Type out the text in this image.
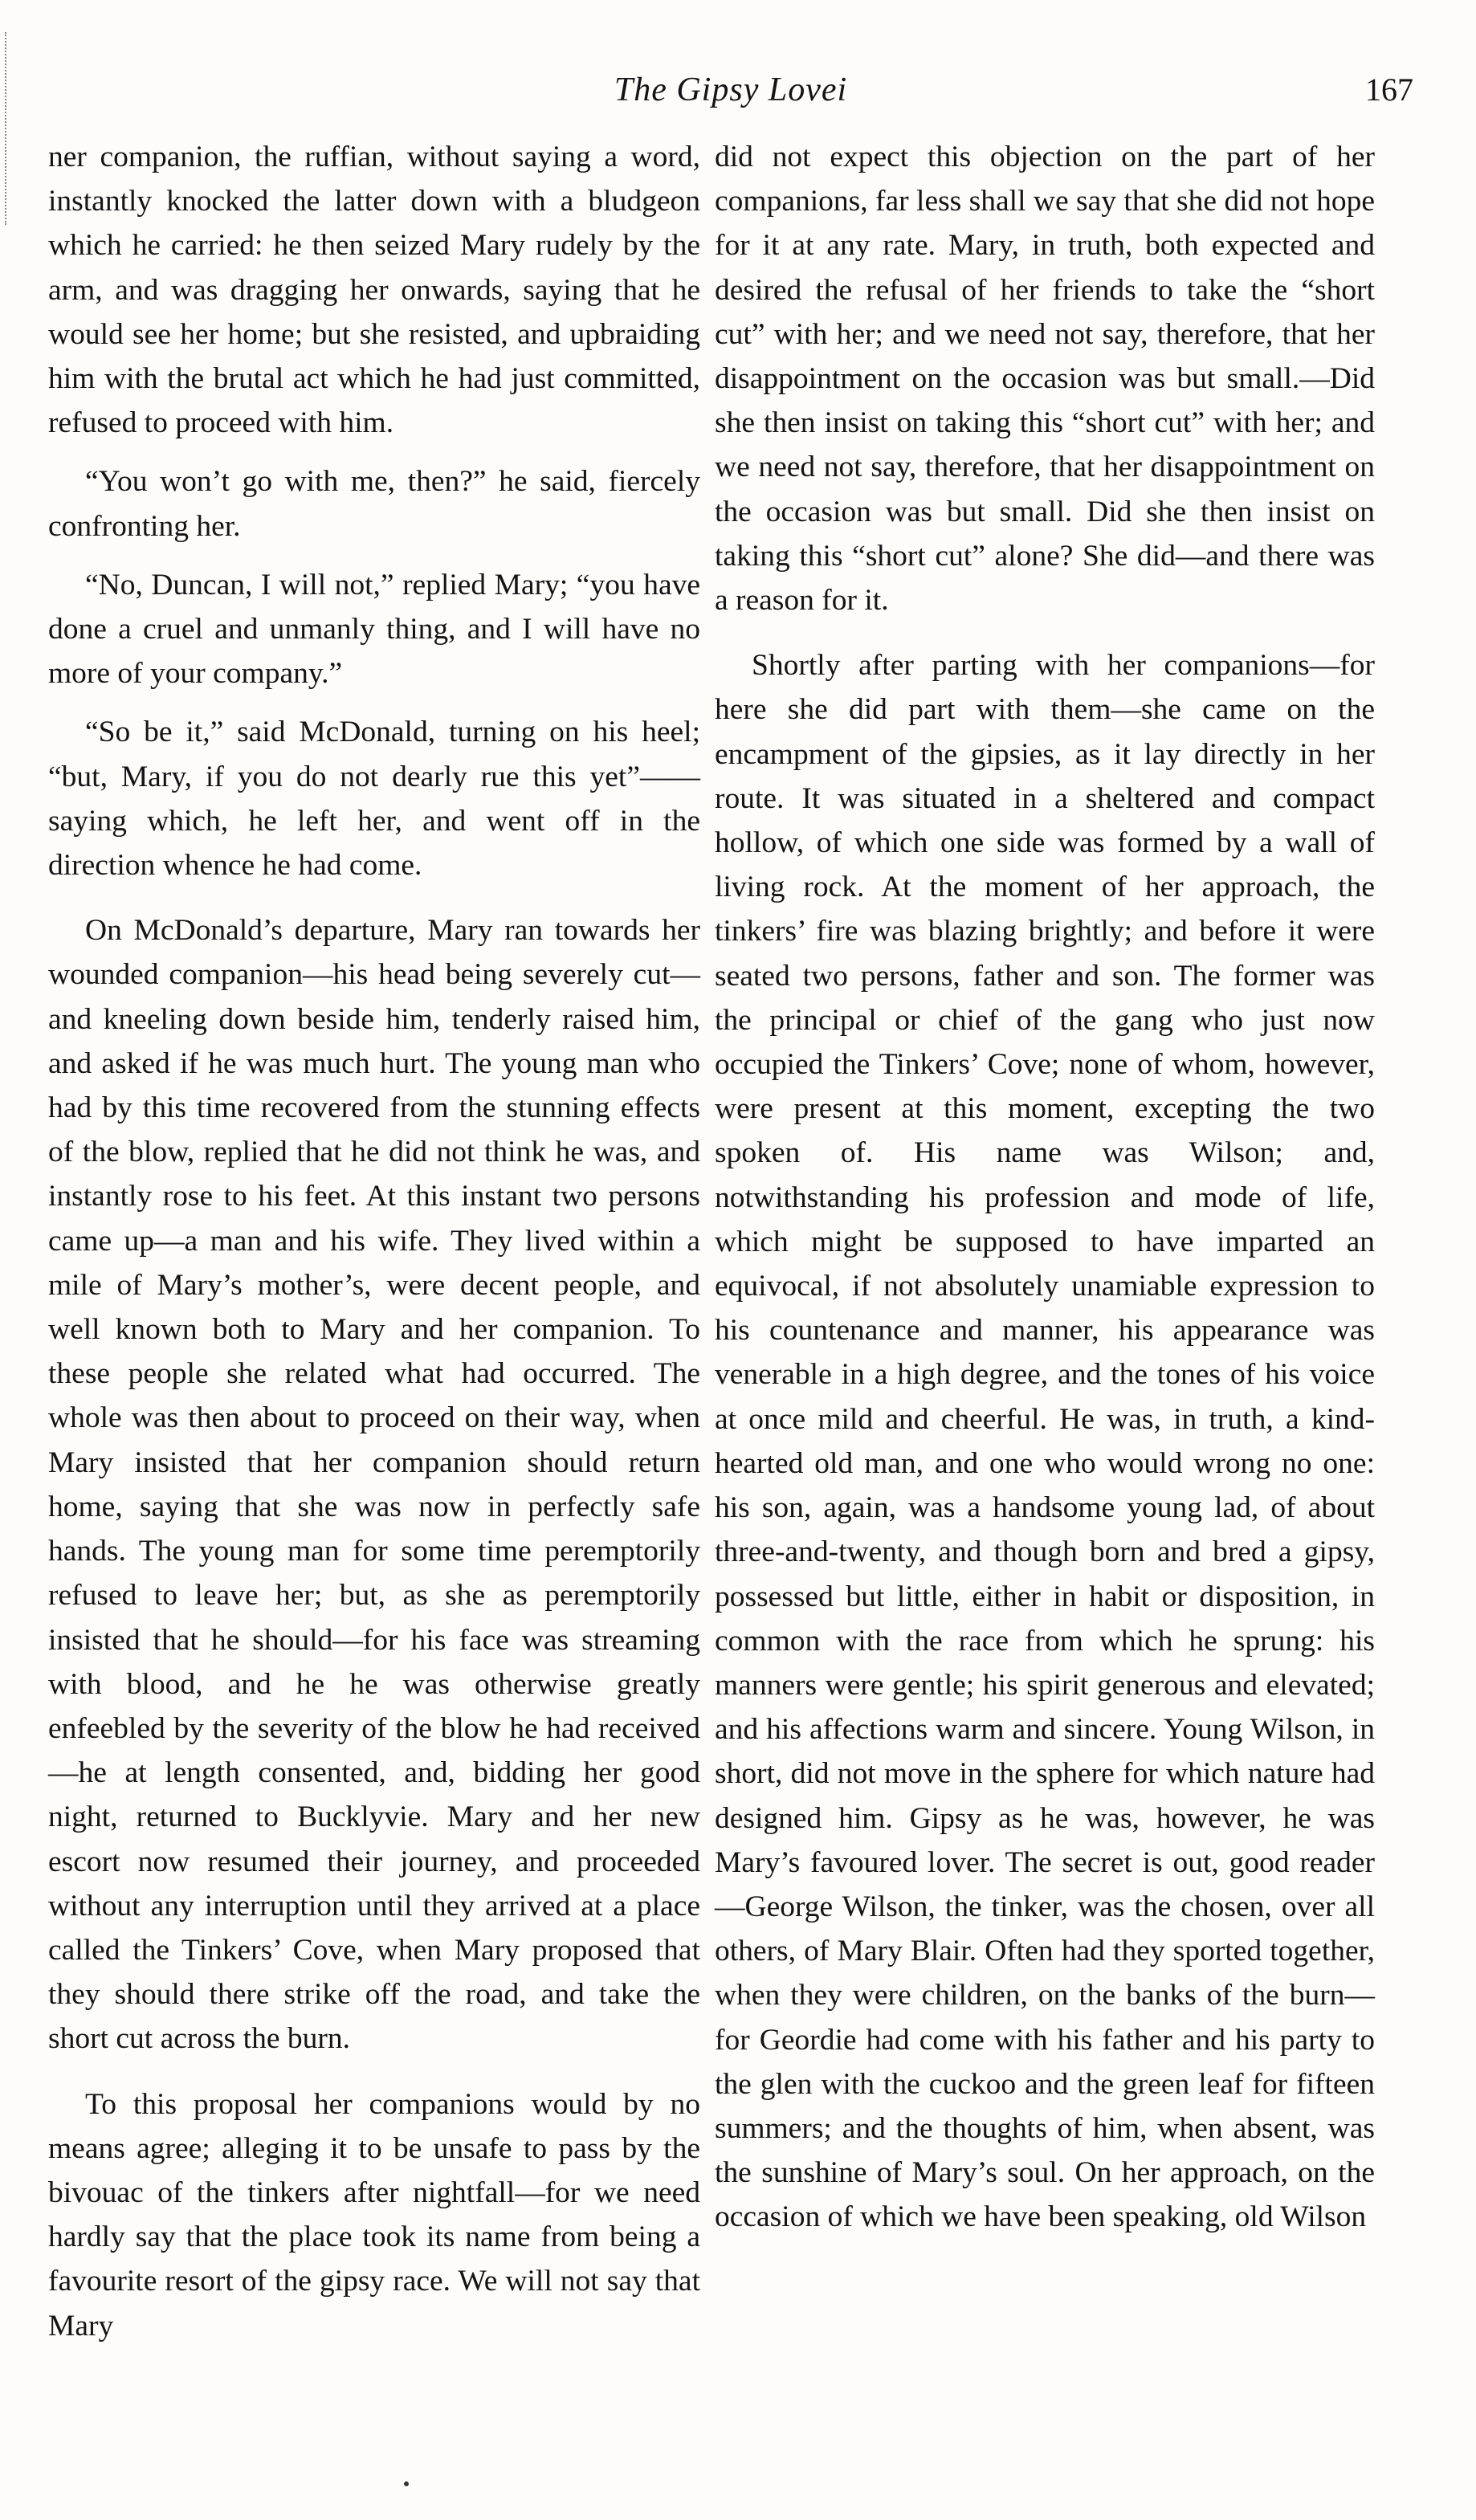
The Gipsy Lovei	167

ner companion, the ruffian, without saying a word, instantly knocked the latter down with a bludgeon which he carried: he then seized Mary rudely by the arm, and was dragging her onwards, saying that he would see her home; but she resisted, and upbraiding him with the brutal act which he had just committed, refused to proceed with him.

“You won’t go with me, then?” he said, fiercely confronting her.

“No, Duncan, I will not,” replied Mary; “you have done a cruel and unmanly thing, and I will have no more of your company.”

“So be it,” said McDonald, turning on his heel; “but, Mary, if you do not dearly rue this yet”——saying which, he left her, and went off in the direction whence he had come.

On McDonald’s departure, Mary ran towards her wounded companion—his head being severely cut—and kneeling down beside him, tenderly raised him, and asked if he was much hurt. The young man who had by this time recovered from the stunning effects of the blow, replied that he did not think he was, and instantly rose to his feet. At this instant two persons came up—a man and his wife. They lived within a mile of Mary’s mother’s, were decent people, and well known both to Mary and her companion. To these people she related what had occurred. The whole was then about to proceed on their way, when Mary insisted that her companion should return home, saying that she was now in perfectly safe hands. The young man for some time peremptorily refused to leave her; but, as she as peremptorily insisted that he should—for his face was streaming with blood, and he he was otherwise greatly enfeebled by the severity of the blow he had received—he at length consented, and, bidding her good night, returned to Bucklyvie. Mary and her new escort now resumed their journey, and proceeded without any interruption until they arrived at a place called the Tinkers’ Cove, when Mary proposed that they should there strike off the road, and take the short cut across the burn.

To this proposal her companions would by no means agree; alleging it to be unsafe to pass by the bivouac of the tinkers after nightfall—for we need hardly say that the place took its name from being a favourite resort of the gipsy race. We will not say that Mary

did not expect this objection on the part of her companions, far less shall we say that she did not hope for it at any rate. Mary, in truth, both expected and desired the refusal of her friends to take the “short cut” with her; and we need not say, therefore, that her disappointment on the occasion was but small.—Did she then insist on taking this “short cut” with her; and we need not say, therefore, that her disappointment on the occasion was but small. Did she then insist on taking this “short cut” alone? She did—and there was a reason for it.

Shortly after parting with her companions—for here she did part with them—she came on the encampment of the gipsies, as it lay directly in her route. It was situated in a sheltered and compact hollow, of which one side was formed by a wall of living rock. At the moment of her approach, the tinkers’ fire was blazing brightly; and before it were seated two persons, father and son. The former was the principal or chief of the gang who just now occupied the Tinkers’ Cove; none of whom, however, were present at this moment, excepting the two spoken of. His name was Wilson; and, notwithstanding his profession and mode of life, which might be supposed to have imparted an equivocal, if not absolutely unamiable expression to his countenance and manner, his appearance was venerable in a high degree, and the tones of his voice at once mild and cheerful. He was, in truth, a kind-hearted old man, and one who would wrong no one: his son, again, was a handsome young lad, of about three-and-twenty, and though born and bred a gipsy, possessed but little, either in habit or disposition, in common with the race from which he sprung: his manners were gentle; his spirit generous and elevated; and his affections warm and sincere. Young Wilson, in short, did not move in the sphere for which nature had designed him. Gipsy as he was, however, he was Mary’s favoured lover. The secret is out, good reader—George Wilson, the tinker, was the chosen, over all others, of Mary Blair. Often had they sported together, when they were children, on the banks of the burn—for Geordie had come with his father and his party to the glen with the cuckoo and the green leaf for fifteen summers; and the thoughts of him, when absent, was the sunshine of Mary’s soul. On her approach, on the occasion of which we have been speaking, old Wilson
